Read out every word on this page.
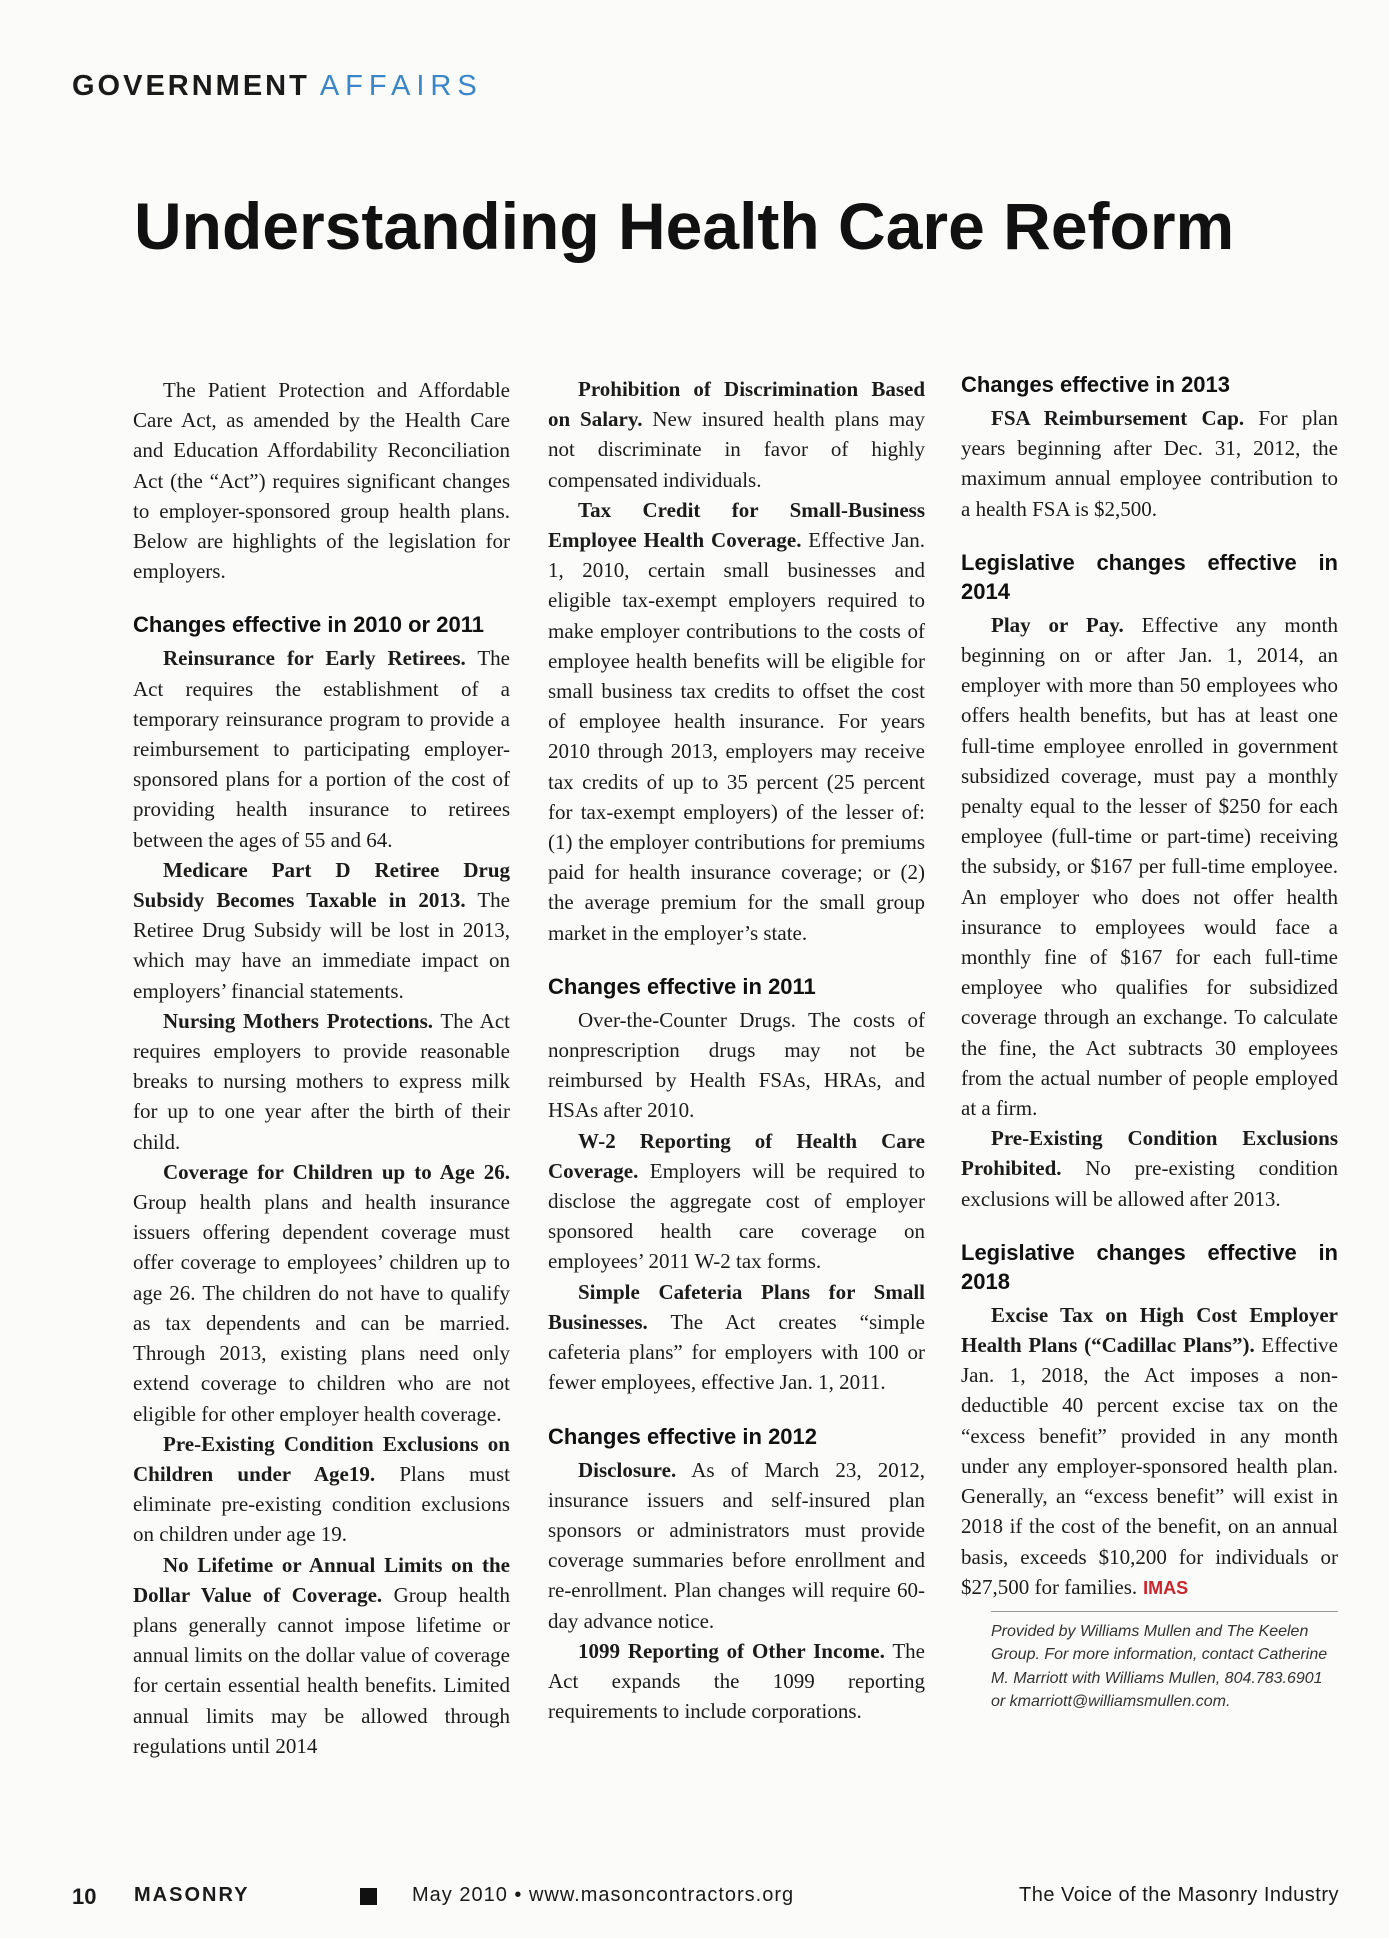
GOVERNMENT AFFAIRS
Understanding Health Care Reform

The Patient Protection and Affordable Care Act, as amended by the Health Care and Education Affordability Reconciliation Act (the “Act”) requires significant changes to employer-sponsored group health plans. Below are highlights of the legislation for employers.

Changes effective in 2010 or 2011

Reinsurance for Early Retirees. The Act requires the establishment of a temporary reinsurance program to provide a reimbursement to participating employer-sponsored plans for a portion of the cost of providing health insurance to retirees between the ages of 55 and 64.

Medicare Part D Retiree Drug Subsidy Becomes Taxable in 2013. The Retiree Drug Subsidy will be lost in 2013, which may have an immediate impact on employers’ financial statements.

Nursing Mothers Protections. The Act requires employers to provide reasonable breaks to nursing mothers to express milk for up to one year after the birth of their child.

Coverage for Children up to Age 26. Group health plans and health insurance issuers offering dependent coverage must offer coverage to employees’ children up to age 26. The children do not have to qualify as tax dependents and can be married. Through 2013, existing plans need only extend coverage to children who are not eligible for other employer health coverage.

Pre-Existing Condition Exclusions on Children under Age19. Plans must eliminate pre-existing condition exclusions on children under age 19.

No Lifetime or Annual Limits on the Dollar Value of Coverage. Group health plans generally cannot impose lifetime or annual limits on the dollar value of coverage for certain essential health benefits. Limited annual limits may be allowed through regulations until 2014

Prohibition of Discrimination Based on Salary. New insured health plans may not discriminate in favor of highly compensated individuals.

Tax Credit for Small-Business Employee Health Coverage. Effective Jan. 1, 2010, certain small businesses and eligible tax-exempt employers required to make employer contributions to the costs of employee health benefits will be eligible for small business tax credits to offset the cost of employee health insurance. For years 2010 through 2013, employers may receive tax credits of up to 35 percent (25 percent for tax-exempt employers) of the lesser of: (1) the employer contributions for premiums paid for health insurance coverage; or (2) the average premium for the small group market in the employer’s state.

Changes effective in 2011

Over-the-Counter Drugs. The costs of nonprescription drugs may not be reimbursed by Health FSAs, HRAs, and HSAs after 2010.

W-2 Reporting of Health Care Coverage. Employers will be required to disclose the aggregate cost of employer sponsored health care coverage on employees’ 2011 W-2 tax forms.

Simple Cafeteria Plans for Small Businesses. The Act creates “simple cafeteria plans” for employers with 100 or fewer employees, effective Jan. 1, 2011.

Changes effective in 2012

Disclosure. As of March 23, 2012, insurance issuers and self-insured plan sponsors or administrators must provide coverage summaries before enrollment and re-enrollment. Plan changes will require 60-day advance notice.

1099 Reporting of Other Income. The Act expands the 1099 reporting requirements to include corporations.

Changes effective in 2013

FSA Reimbursement Cap. For plan years beginning after Dec. 31, 2012, the maximum annual employee contribution to a health FSA is $2,500.

Legislative changes effective in 2014

Play or Pay. Effective any month beginning on or after Jan. 1, 2014, an employer with more than 50 employees who offers health benefits, but has at least one full-time employee enrolled in government subsidized coverage, must pay a monthly penalty equal to the lesser of $250 for each employee (full-time or part-time) receiving the subsidy, or $167 per full-time employee. An employer who does not offer health insurance to employees would face a monthly fine of $167 for each full-time employee who qualifies for subsidized coverage through an exchange. To calculate the fine, the Act subtracts 30 employees from the actual number of people employed at a firm.

Pre-Existing Condition Exclusions Prohibited. No pre-existing condition exclusions will be allowed after 2013.

Legislative changes effective in 2018

Excise Tax on High Cost Employer Health Plans (“Cadillac Plans”). Effective Jan. 1, 2018, the Act imposes a non-deductible 40 percent excise tax on the “excess benefit” provided in any month under any employer-sponsored health plan. Generally, an “excess benefit” will exist in 2018 if the cost of the benefit, on an annual basis, exceeds $10,200 for individuals or $27,500 for families. IMAS

Provided by Williams Mullen and The Keelen Group. For more information, contact Catherine M. Marriott with Williams Mullen, 804.783.6901 or kmarriott@williamsmullen.com.
10 MASONRY	May 2010 • www.masoncontractors.org	The Voice of the Masonry Industry
